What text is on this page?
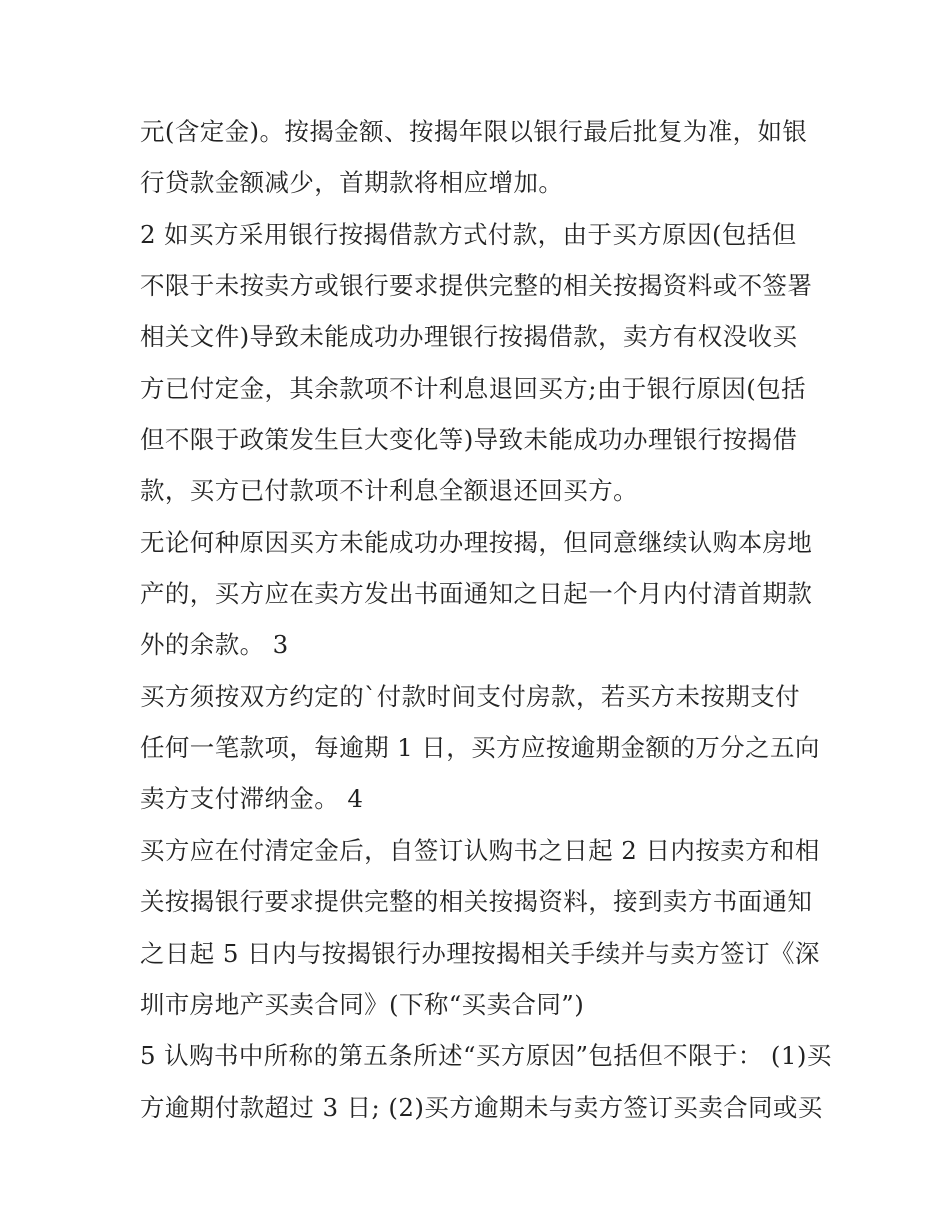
元(含定金)。按揭金额、按揭年限以银行最后批复为准，如银
行贷款金额减少，首期款将相应增加。
2 如买方采用银行按揭借款方式付款，由于买方原因(包括但
不限于未按卖方或银行要求提供完整的相关按揭资料或不签署
相关文件)导致未能成功办理银行按揭借款，卖方有权没收买
方已付定金，其余款项不计利息退回买方;由于银行原因(包括
但不限于政策发生巨大变化等)导致未能成功办理银行按揭借
款，买方已付款项不计利息全额退还回买方。
无论何种原因买方未能成功办理按揭，但同意继续认购本房地
产的，买方应在卖方发出书面通知之日起一个月内付清首期款
外的余款。 3
买方须按双方约定的`付款时间支付房款，若买方未按期支付
任何一笔款项，每逾期 1 日，买方应按逾期金额的万分之五向
卖方支付滞纳金。 4
买方应在付清定金后，自签订认购书之日起 2 日内按卖方和相
关按揭银行要求提供完整的相关按揭资料，接到卖方书面通知
之日起 5 日内与按揭银行办理按揭相关手续并与卖方签订《深
圳市房地产买卖合同》(下称“买卖合同”)
5 认购书中所称的第五条所述“买方原因”包括但不限于： (1)买
方逾期付款超过 3 日; (2)买方逾期未与卖方签订买卖合同或买
